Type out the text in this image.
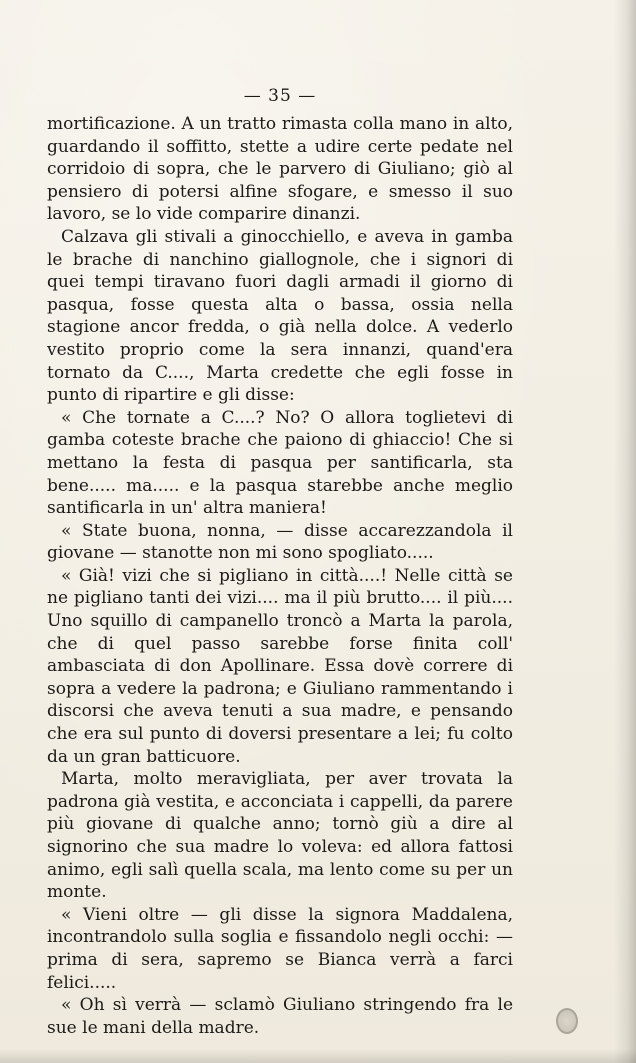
— 35 —

mortificazione. A un tratto rimasta colla mano in alto, guardando il soffitto, stette a udire certe pedate nel corridoio di sopra, che le parvero di Giuliano; giò al pensiero di potersi alfine sfogare, e smesso il suo lavoro, se lo vide comparire dinanzi.

Calzava gli stivali a ginocchiello, e aveva in gamba le brache di nanchino giallognole, che i signori di quei tempi tiravano fuori dagli armadi il giorno di pasqua, fosse questa alta o bassa, ossia nella stagione ancor fredda, o già nella dolce. A vederlo vestito proprio come la sera innanzi, quand'era tornato da C...., Marta credette che egli fosse in punto di ripartire e gli disse:

« Che tornate a C....? No? O allora toglietevi di gamba coteste brache che paiono di ghiaccio! Che si mettano la festa di pasqua per santificarla, sta bene..... ma..... e la pasqua starebbe anche meglio santificarla in un' altra maniera!

« State buona, nonna, — disse accarezzandola il giovane — stanotte non mi sono spogliato.....

« Già! vizi che si pigliano in città....! Nelle città se ne pigliano tanti dei vizi.... ma il più brutto.... il più.... Uno squillo di campanello troncò a Marta la parola, che di quel passo sarebbe forse finita coll' ambasciata di don Apollinare. Essa dovè correre di sopra a vedere la padrona; e Giuliano rammentando i discorsi che aveva tenuti a sua madre, e pensando che era sul punto di doversi presentare a lei; fu colto da un gran batticuore.

Marta, molto meravigliata, per aver trovata la padrona già vestita, e acconciata i cappelli, da parere più giovane di qualche anno; tornò giù a dire al signorino che sua madre lo voleva: ed allora fattosi animo, egli salì quella scala, ma lento come su per un monte.

« Vieni oltre — gli disse la signora Maddalena, incontrandolo sulla soglia e fissandolo negli occhi: — prima di sera, sapremo se Bianca verrà a farci felici.....

« Oh sì verrà — sclamò Giuliano stringendo fra le sue le mani della madre.
